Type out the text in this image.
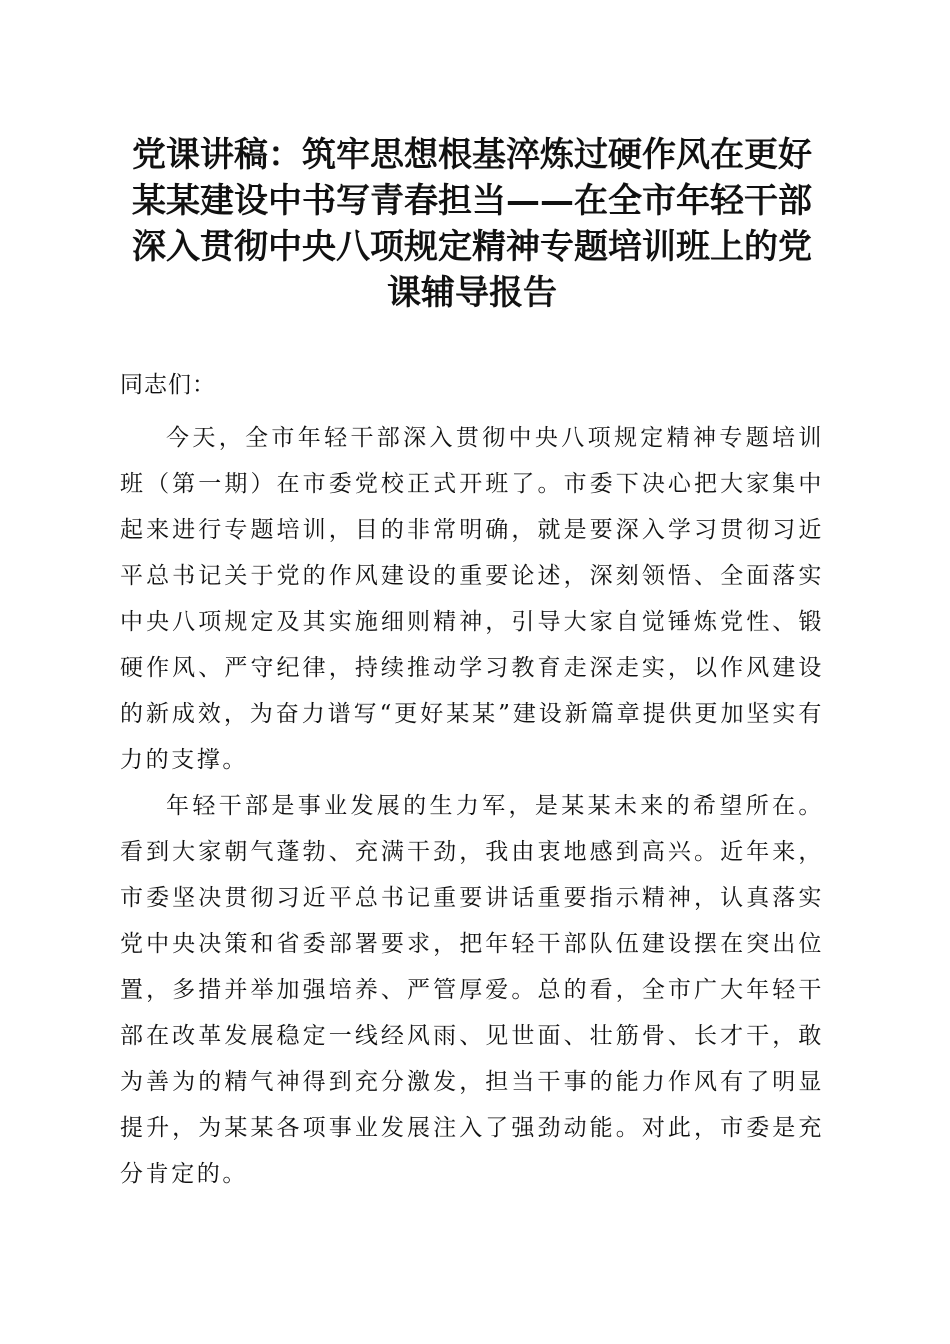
党课讲稿：筑牢思想根基淬炼过硬作风在更好
某某建设中书写青春担当——在全市年轻干部
深入贯彻中央八项规定精神专题培训班上的党
课辅导报告

同志们：

今天，全市年轻干部深入贯彻中央八项规定精神专题培训班（第一期）在市委党校正式开班了。市委下决心把大家集中起来进行专题培训，目的非常明确，就是要深入学习贯彻习近平总书记关于党的作风建设的重要论述，深刻领悟、全面落实中央八项规定及其实施细则精神，引导大家自觉锤炼党性、锻硬作风、严守纪律，持续推动学习教育走深走实，以作风建设的新成效，为奋力谱写“更好某某”建设新篇章提供更加坚实有力的支撑。

年轻干部是事业发展的生力军，是某某未来的希望所在。看到大家朝气蓬勃、充满干劲，我由衷地感到高兴。近年来，市委坚决贯彻习近平总书记重要讲话重要指示精神，认真落实党中央决策和省委部署要求，把年轻干部队伍建设摆在突出位置，多措并举加强培养、严管厚爱。总的看，全市广大年轻干部在改革发展稳定一线经风雨、见世面、壮筋骨、长才干，敢为善为的精气神得到充分激发，担当干事的能力作风有了明显提升，为某某各项事业发展注入了强劲动能。对此，市委是充分肯定的。
